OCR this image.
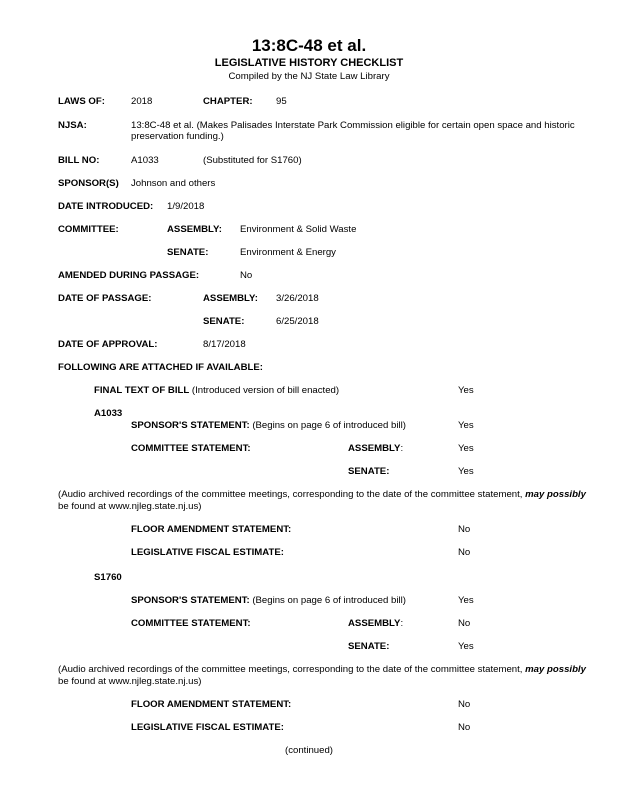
13:8C-48 et al.
LEGISLATIVE HISTORY CHECKLIST
Compiled by the NJ State Law Library
LAWS OF:	2018	CHAPTER: 95
NJSA:	13:8C-48 et al. (Makes Palisades Interstate Park Commission eligible for certain open space and historic
preservation funding.)
BILL NO:	A1033	(Substituted for S1760)
SPONSOR(S) Johnson and others
DATE INTRODUCED: 1/9/2018
COMMITTEE:	ASSEMBLY: Environment & Solid Waste
SENATE:	Environment & Energy
AMENDED DURING PASSAGE:	No
DATE OF PASSAGE:	ASSEMBLY: 3/26/2018
SENATE:	6/25/2018
DATE OF APPROVAL:	8/17/2018
FOLLOWING ARE ATTACHED IF AVAILABLE:
FINAL TEXT OF BILL (Introduced version of bill enacted)	Yes
A1033
SPONSOR'S STATEMENT: (Begins on page 6 of introduced bill)	Yes
COMMITTEE STATEMENT:	ASSEMBLY:	Yes
SENATE:	Yes
(Audio archived recordings of the committee meetings, corresponding to the date of the committee statement, may possibly
be found at www.njleg.state.nj.us)
FLOOR AMENDMENT STATEMENT:	No
LEGISLATIVE FISCAL ESTIMATE:	No
S1760
SPONSOR'S STATEMENT: (Begins on page 6 of introduced bill)	Yes
COMMITTEE STATEMENT:	ASSEMBLY:	No
SENATE:	Yes
(Audio archived recordings of the committee meetings, corresponding to the date of the committee statement, may possibly
be found at www.njleg.state.nj.us)
FLOOR AMENDMENT STATEMENT:	No
LEGISLATIVE FISCAL ESTIMATE:	No
(continued)
